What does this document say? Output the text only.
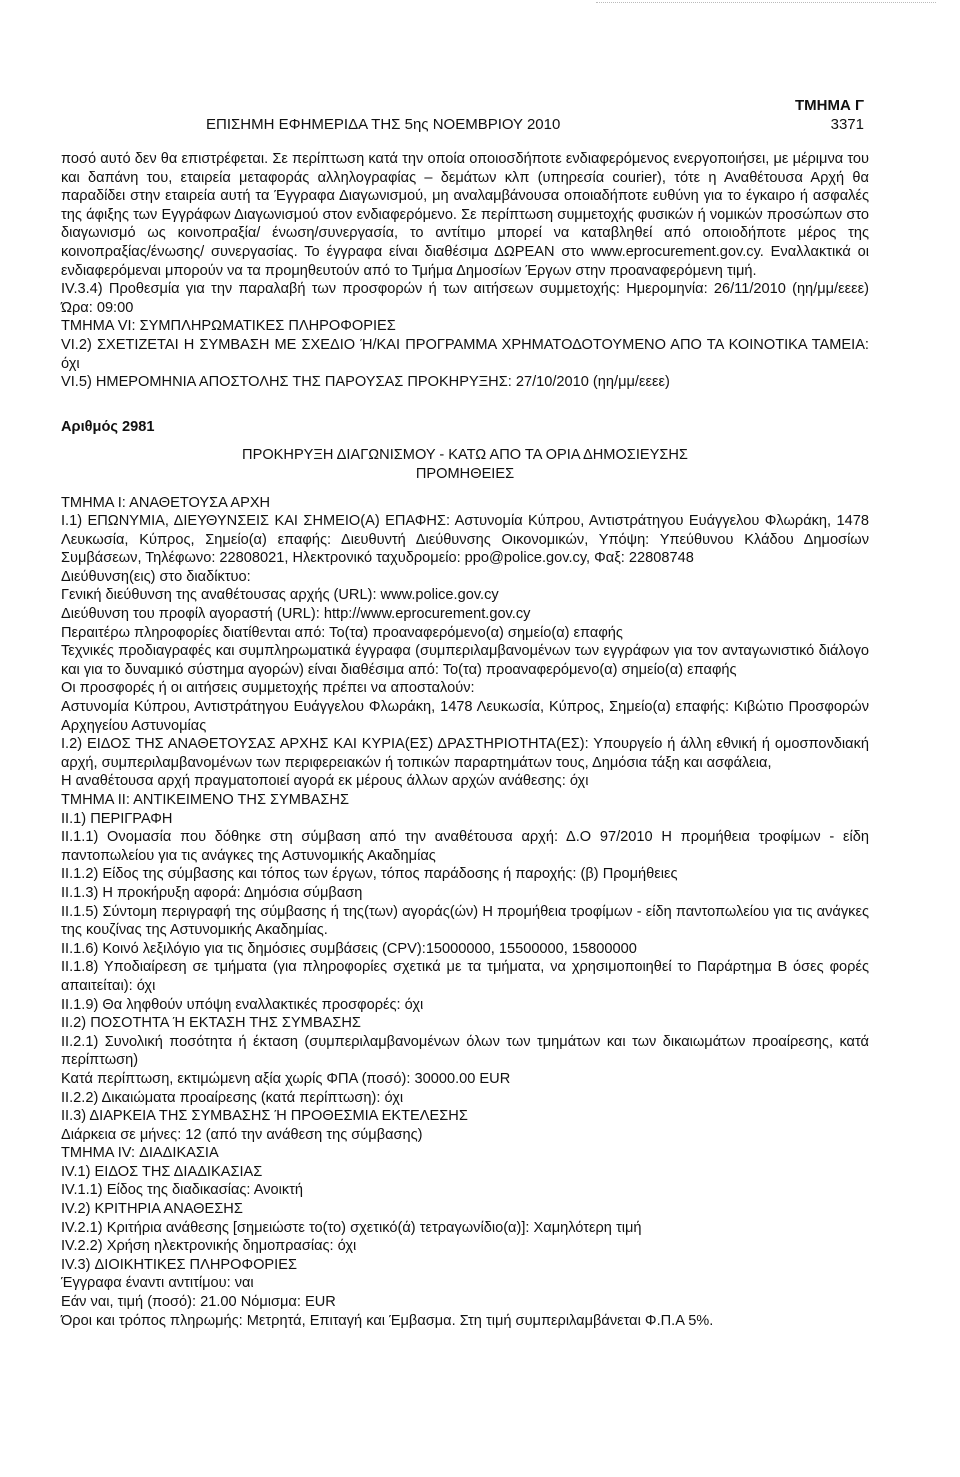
ΤΜΗΜΑ Γ
ΕΠΙΣΗΜΗ ΕΦΗΜΕΡΙΔΑ ΤΗΣ 5ης ΝΟΕΜΒΡΙΟΥ 2010	3371

ποσό αυτό δεν θα επιστρέφεται. Σε περίπτωση κατά την οποία οποιοσδήποτε ενδιαφερόμενος ενεργοποιήσει, με μέριμνα του και δαπάνη του, εταιρεία μεταφοράς αλληλογραφίας – δεμάτων κλπ (υπηρεσία courier), τότε η Αναθέτουσα Αρχή θα παραδίδει στην εταιρεία αυτή τα Έγγραφα Διαγωνισμού, μη αναλαμβάνουσα οποιαδήποτε ευθύνη για το έγκαιρο ή ασφαλές της άφιξης των Εγγράφων Διαγωνισμού στον ενδιαφερόμενο. Σε περίπτωση συμμετοχής φυσικών ή νομικών προσώπων στο διαγωνισμό ως κοινοπραξία/ ένωση/συνεργασία, το αντίτιμο μπορεί να καταβληθεί από οποιοδήποτε μέρος της κοινοπραξίας/ένωσης/ συνεργασίας. Το έγγραφα είναι διαθέσιμα ΔΩΡΕΑΝ στο www.eprocurement.gov.cy. Εναλλακτικά οι ενδιαφερόμεναι μπορούν να τα προμηθευτούν από το Τμήμα Δημοσίων Έργων στην προαναφερόμενη τιμή.

IV.3.4) Προθεσμία για την παραλαβή των προσφορών ή των αιτήσεων συμμετοχής: Ημερομηνία: 26/11/2010 (ηη/μμ/εεεε) Ώρα: 09:00

ΤΜΗΜΑ VI: ΣΥΜΠΛΗΡΩΜΑΤΙΚΕΣ ΠΛΗΡΟΦΟΡΙΕΣ

VI.2) ΣΧΕΤΙΖΕΤΑΙ Η ΣΥΜΒΑΣΗ ΜΕ ΣΧΕΔΙΟ Ή/ΚΑΙ ΠΡΟΓΡΑΜΜΑ ΧΡΗΜΑΤΟΔΟΤΟΥΜΕΝΟ ΑΠΟ ΤΑ ΚΟΙΝΟΤΙΚΑ ΤΑΜΕΙΑ: όχι

VI.5) ΗΜΕΡΟΜΗΝΙΑ ΑΠΟΣΤΟΛΗΣ ΤΗΣ ΠΑΡΟΥΣΑΣ ΠΡΟΚΗΡΥΞΗΣ: 27/10/2010 (ηη/μμ/εεεε)

Αριθμός 2981

ΠΡΟΚΗΡΥΞΗ ΔΙΑΓΩΝΙΣΜΟΥ - ΚΑΤΩ ΑΠΟ ΤΑ ΟΡΙΑ ΔΗΜΟΣΙΕΥΣΗΣ

ΠΡΟΜΗΘΕΙΕΣ

ΤΜΗΜΑ Ι: ΑΝΑΘΕΤΟΥΣΑ ΑΡΧΗ

Ι.1) ΕΠΩΝΥΜΙΑ, ΔΙΕΥΘΥΝΣΕΙΣ ΚΑΙ ΣΗΜΕΙΟ(Α) ΕΠΑΦΗΣ: Αστυνομία Κύπρου, Αντιστράτηγου Ευάγγελου Φλωράκη, 1478 Λευκωσία, Κύπρος, Σημείο(α) επαφής: Διευθυντή Διεύθυνσης Οικονομικών, Υπόψη: Υπεύθυνου Κλάδου Δημοσίων Συμβάσεων, Τηλέφωνο: 22808021, Ηλεκτρονικό ταχυδρομείο: ppo@police.gov.cy, Φαξ: 22808748

Διεύθυνση(εις) στο διαδίκτυο:

Γενική διεύθυνση της αναθέτουσας αρχής (URL): www.police.gov.cy

Διεύθυνση του προφίλ αγοραστή (URL): http://www.eprocurement.gov.cy

Περαιτέρω πληροφορίες διατίθενται από: Το(τα) προαναφερόμενο(α) σημείο(α) επαφής

Τεχνικές προδιαγραφές και συμπληρωματικά έγγραφα (συμπεριλαμβανομένων των εγγράφων για τον ανταγωνιστικό διάλογο και για το δυναμικό σύστημα αγορών) είναι διαθέσιμα από: Το(τα) προαναφερόμενο(α) σημείο(α) επαφής

Οι προσφορές ή οι αιτήσεις συμμετοχής πρέπει να αποσταλούν:

Αστυνομία Κύπρου, Αντιστράτηγου Ευάγγελου Φλωράκη, 1478 Λευκωσία, Κύπρος, Σημείο(α) επαφής: Κιβώτιο Προσφορών Αρχηγείου Αστυνομίας

Ι.2) ΕΙΔΟΣ ΤΗΣ ΑΝΑΘΕΤΟΥΣΑΣ ΑΡΧΗΣ ΚΑΙ ΚΥΡΙΑ(ΕΣ) ΔΡΑΣΤΗΡΙΟΤΗΤΑ(ΕΣ): Υπουργείο ή άλλη εθνική ή ομοσπονδιακή αρχή, συμπεριλαμβανομένων των περιφερειακών ή τοπικών παραρτημάτων τους, Δημόσια τάξη και ασφάλεια,

Η αναθέτουσα αρχή πραγματοποιεί αγορά εκ μέρους άλλων αρχών ανάθεσης: όχι

ΤΜΗΜΑ ΙΙ: ΑΝΤΙΚΕΙΜΕΝΟ ΤΗΣ ΣΥΜΒΑΣΗΣ

ΙΙ.1) ΠΕΡΙΓΡΑΦΗ

ΙΙ.1.1) Ονομασία που δόθηκε στη σύμβαση από την αναθέτουσα αρχή: Δ.Ο 97/2010 Η προμήθεια τροφίμων - είδη παντοπωλείου για τις ανάγκες της Αστυνομικής Ακαδημίας

ΙΙ.1.2) Είδος της σύμβασης και τόπος των έργων, τόπος παράδοσης ή παροχής: (β) Προμήθειες

ΙΙ.1.3) Η προκήρυξη αφορά: Δημόσια σύμβαση

ΙΙ.1.5) Σύντομη περιγραφή της σύμβασης ή της(των) αγοράς(ών) Η προμήθεια τροφίμων - είδη παντοπωλείου για τις ανάγκες της κουζίνας της Αστυνομικής Ακαδημίας.

ΙΙ.1.6) Κοινό λεξιλόγιο για τις δημόσιες συμβάσεις (CPV):15000000, 15500000, 15800000

ΙΙ.1.8) Υποδιαίρεση σε τμήματα (για πληροφορίες σχετικά με τα τμήματα, να χρησιμοποιηθεί το Παράρτημα Β όσες φορές απαιτείται): όχι

ΙΙ.1.9) Θα ληφθούν υπόψη εναλλακτικές προσφορές: όχι

ΙΙ.2) ΠΟΣΟΤΗΤΑ Ή ΕΚΤΑΣΗ ΤΗΣ ΣΥΜΒΑΣΗΣ

ΙΙ.2.1) Συνολική ποσότητα ή έκταση (συμπεριλαμβανομένων όλων των τμημάτων και των δικαιωμάτων προαίρεσης, κατά περίπτωση)

Κατά περίπτωση, εκτιμώμενη αξία χωρίς ΦΠΑ (ποσό): 30000.00 EUR

ΙΙ.2.2) Δικαιώματα προαίρεσης (κατά περίπτωση): όχι

ΙΙ.3) ΔΙΑΡΚΕΙΑ ΤΗΣ ΣΥΜΒΑΣΗΣ Ή ΠΡΟΘΕΣΜΙΑ ΕΚΤΕΛΕΣΗΣ

Διάρκεια σε μήνες: 12 (από την ανάθεση της σύμβασης)

ΤΜΗΜΑ IV: ΔΙΑΔΙΚΑΣΙΑ

IV.1) ΕΙΔΟΣ ΤΗΣ ΔΙΑΔΙΚΑΣΙΑΣ

IV.1.1) Είδος της διαδικασίας: Ανοικτή

IV.2) ΚΡΙΤΗΡΙΑ ΑΝΑΘΕΣΗΣ

IV.2.1) Κριτήρια ανάθεσης [σημειώστε το(το) σχετικό(ά) τετραγωνίδιο(α)]: Χαμηλότερη τιμή

IV.2.2) Χρήση ηλεκτρονικής δημοπρασίας: όχι

IV.3) ΔΙΟΙΚΗΤΙΚΕΣ ΠΛΗΡΟΦΟΡΙΕΣ

Έγγραφα έναντι αντιτίμου: ναι

Εάν ναι, τιμή (ποσό): 21.00 Νόμισμα: EUR

Όροι και τρόπος πληρωμής: Μετρητά, Επιταγή και Έμβασμα. Στη τιμή συμπεριλαμβάνεται Φ.Π.Α 5%.
